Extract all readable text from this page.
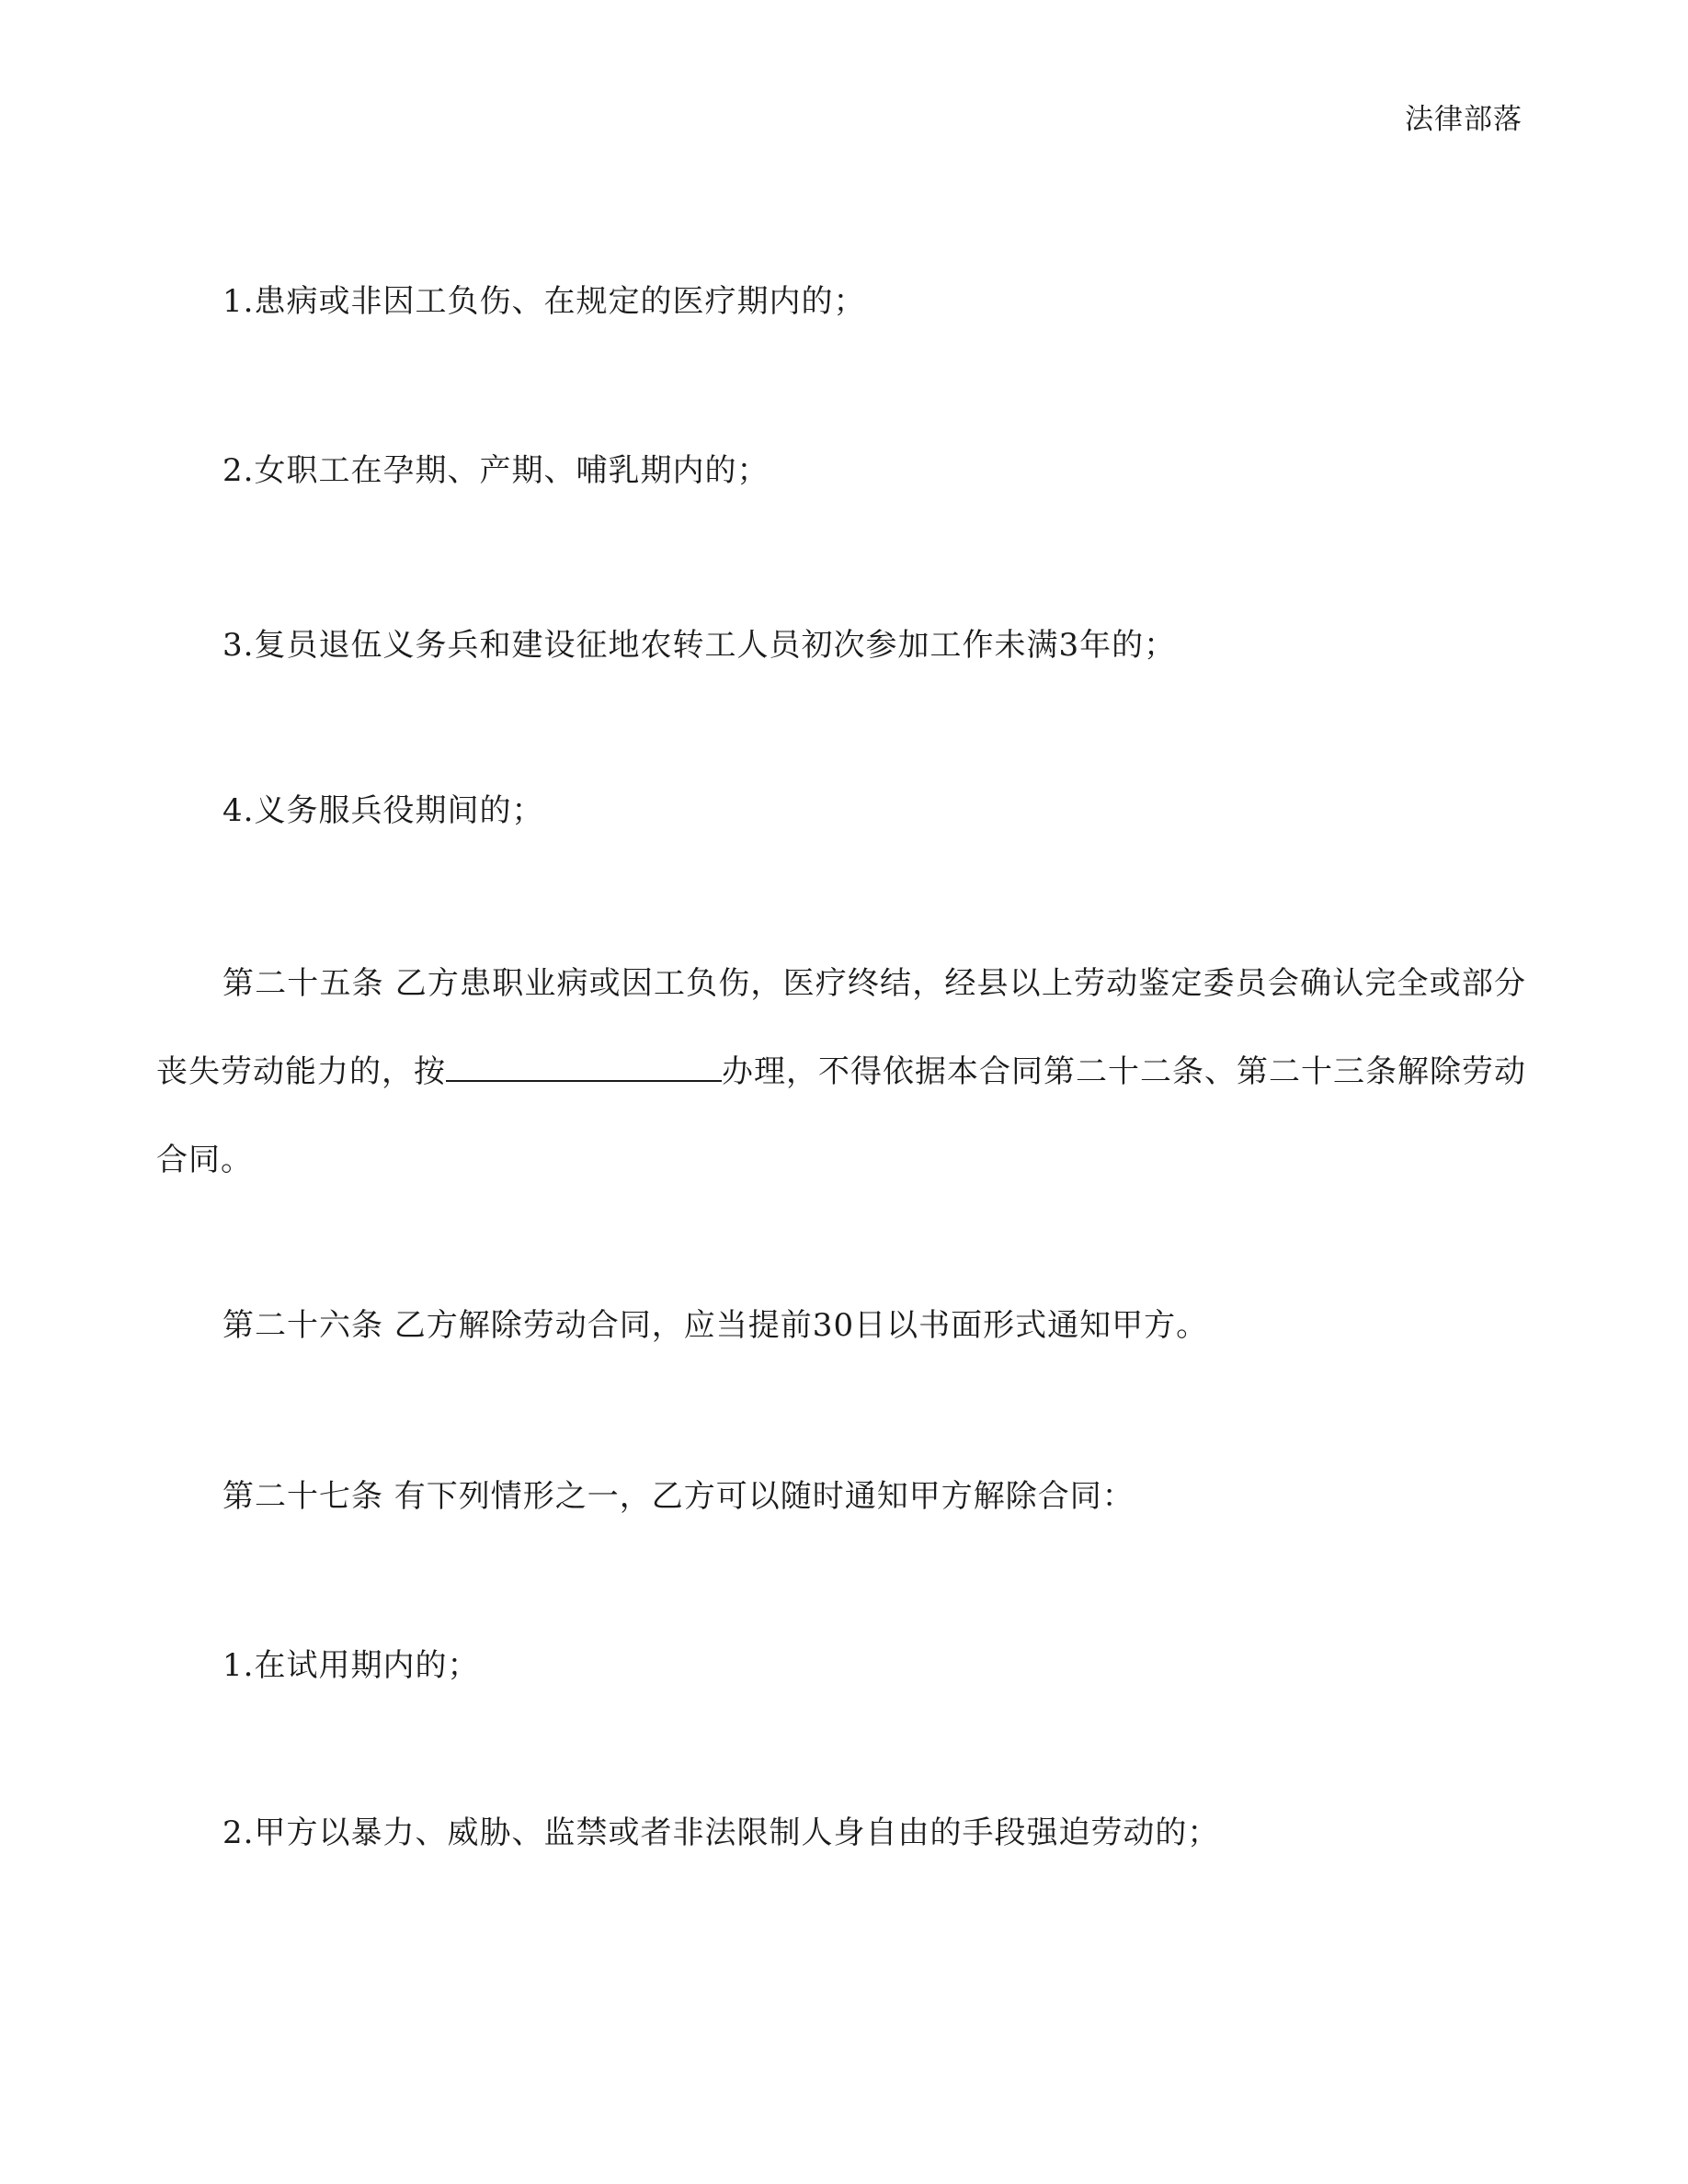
法律部落

1.患病或非因工负伤、在规定的医疗期内的；

2.女职工在孕期、产期、哺乳期内的；

3.复员退伍义务兵和建设征地农转工人员初次参加工作未满3年的；

4.义务服兵役期间的；

第二十五条 乙方患职业病或因工负伤，医疗终结，经县以上劳动鉴定委员会确认完全或部分丧失劳动能力的，按	办理，不得依据本合同第二十二条、第二十三条解除劳动合同。

第二十六条 乙方解除劳动合同，应当提前30日以书面形式通知甲方。

第二十七条 有下列情形之一，乙方可以随时通知甲方解除合同：

1.在试用期内的；

2.甲方以暴力、威胁、监禁或者非法限制人身自由的手段强迫劳动的；
